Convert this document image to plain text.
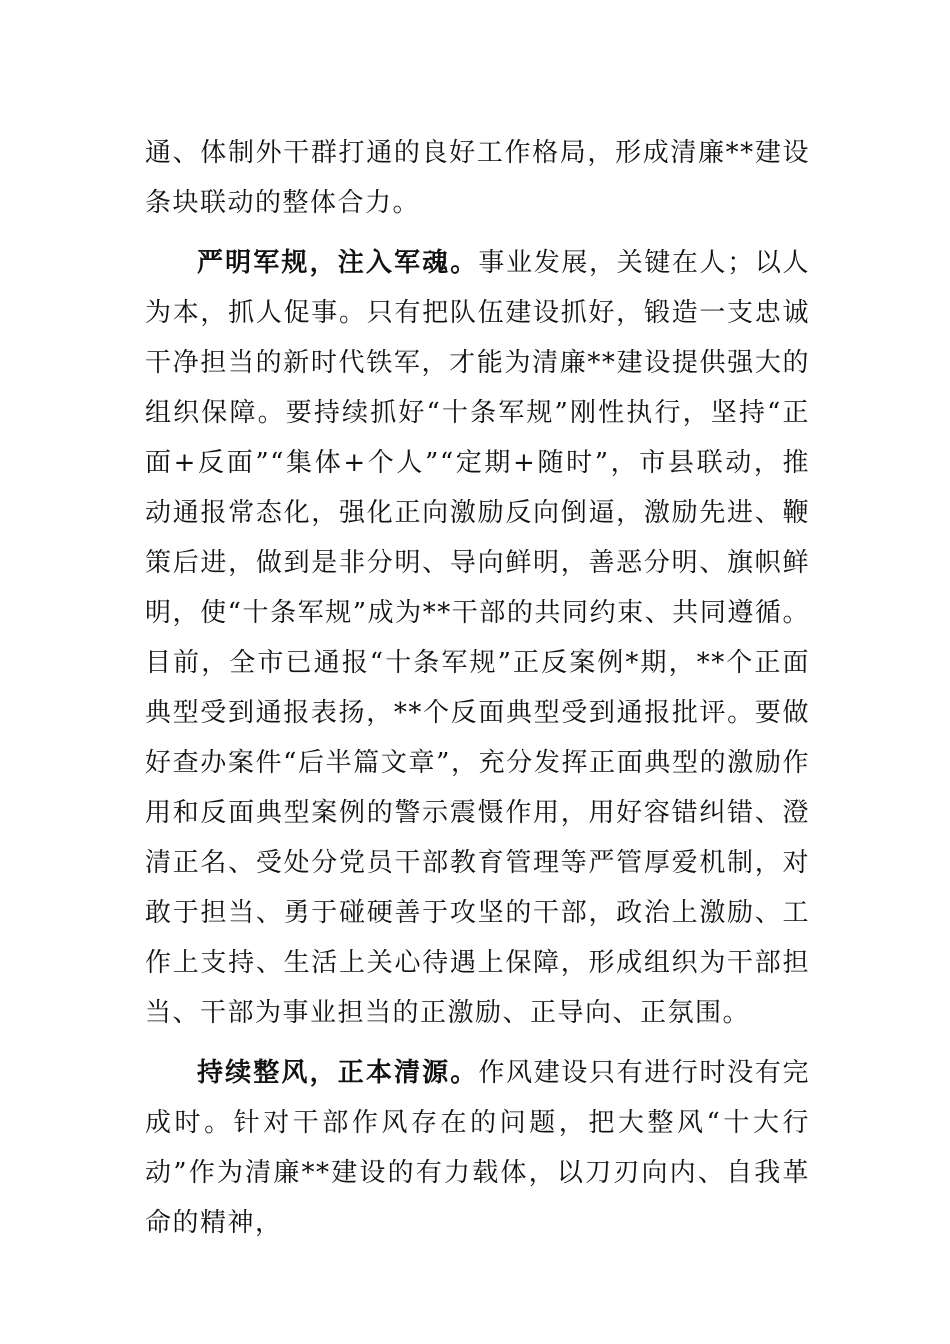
通、体制外干群打通的良好工作格局，形成清廉**建设条块联动的整体合力。

严明军规，注入军魂。事业发展，关键在人；以人为本，抓人促事。只有把队伍建设抓好，锻造一支忠诚干净担当的新时代铁军，才能为清廉**建设提供强大的组织保障。要持续抓好“十条军规”刚性执行，坚持“正面+反面”“集体+个人”“定期+随时”，市县联动，推动通报常态化，强化正向激励反向倒逼，激励先进、鞭策后进，做到是非分明、导向鲜明，善恶分明、旗帜鲜明，使“十条军规”成为**干部的共同约束、共同遵循。目前，全市已通报“十条军规”正反案例*期，**个正面典型受到通报表扬，**个反面典型受到通报批评。要做好查办案件“后半篇文章”，充分发挥正面典型的激励作用和反面典型案例的警示震慑作用，用好容错纠错、澄清正名、受处分党员干部教育管理等严管厚爱机制，对敢于担当、勇于碰硬善于攻坚的干部，政治上激励、工作上支持、生活上关心待遇上保障，形成组织为干部担当、干部为事业担当的正激励、正导向、正氛围。

持续整风，正本清源。作风建设只有进行时没有完成时。针对干部作风存在的问题，把大整风“十大行动”作为清廉**建设的有力载体，以刀刃向内、自我革命的精神，
